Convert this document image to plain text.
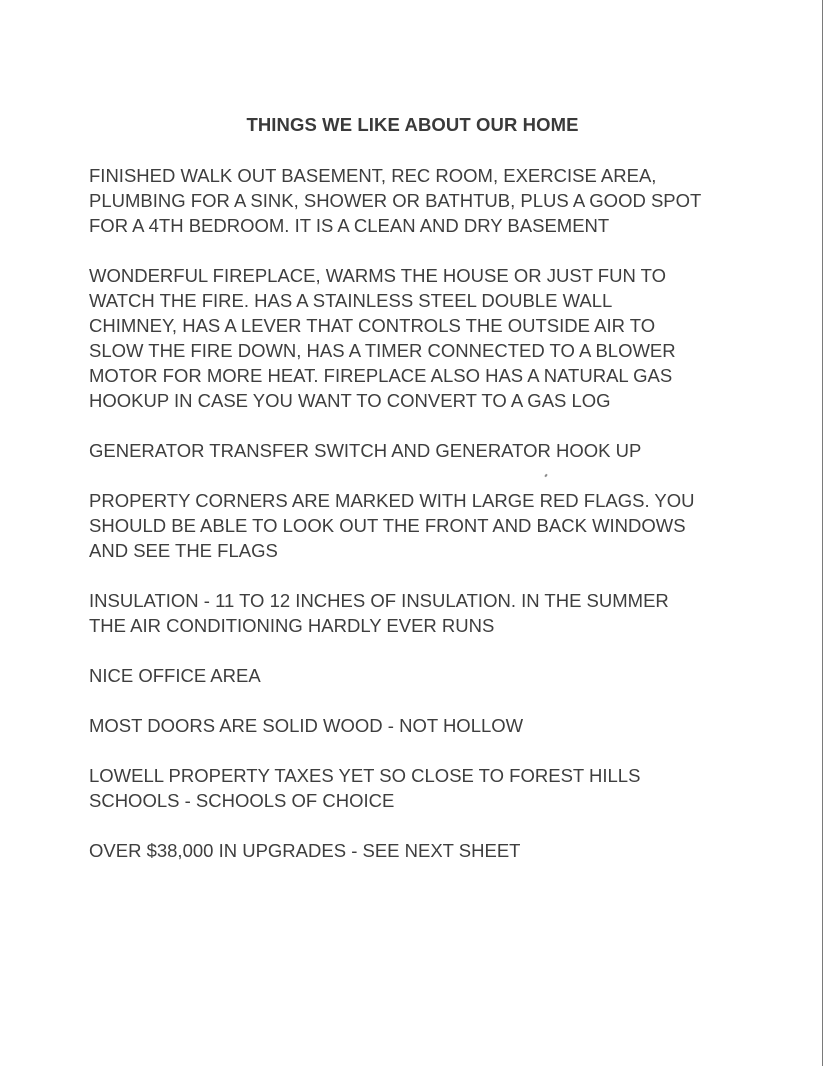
THINGS WE LIKE ABOUT OUR HOME

FINISHED WALK OUT BASEMENT, REC ROOM, EXERCISE AREA,
PLUMBING FOR A SINK, SHOWER OR BATHTUB, PLUS A GOOD SPOT
FOR A 4TH BEDROOM. IT IS A CLEAN AND DRY BASEMENT

WONDERFUL FIREPLACE, WARMS THE HOUSE OR JUST FUN TO
WATCH THE FIRE. HAS A STAINLESS STEEL DOUBLE WALL
CHIMNEY, HAS A LEVER THAT CONTROLS THE OUTSIDE AIR TO
SLOW THE FIRE DOWN, HAS A TIMER CONNECTED TO A BLOWER
MOTOR FOR MORE HEAT. FIREPLACE ALSO HAS A NATURAL GAS
HOOKUP IN CASE YOU WANT TO CONVERT TO A GAS LOG

GENERATOR TRANSFER SWITCH AND GENERATOR HOOK UP

PROPERTY CORNERS ARE MARKED WITH LARGE RED FLAGS. YOU
SHOULD BE ABLE TO LOOK OUT THE FRONT AND BACK WINDOWS
AND SEE THE FLAGS

INSULATION - 11 TO 12 INCHES OF INSULATION. IN THE SUMMER
THE AIR CONDITIONING HARDLY EVER RUNS

NICE OFFICE AREA

MOST DOORS ARE SOLID WOOD - NOT HOLLOW

LOWELL PROPERTY TAXES YET SO CLOSE TO FOREST HILLS
SCHOOLS - SCHOOLS OF CHOICE

OVER $38,000 IN UPGRADES - SEE NEXT SHEET
